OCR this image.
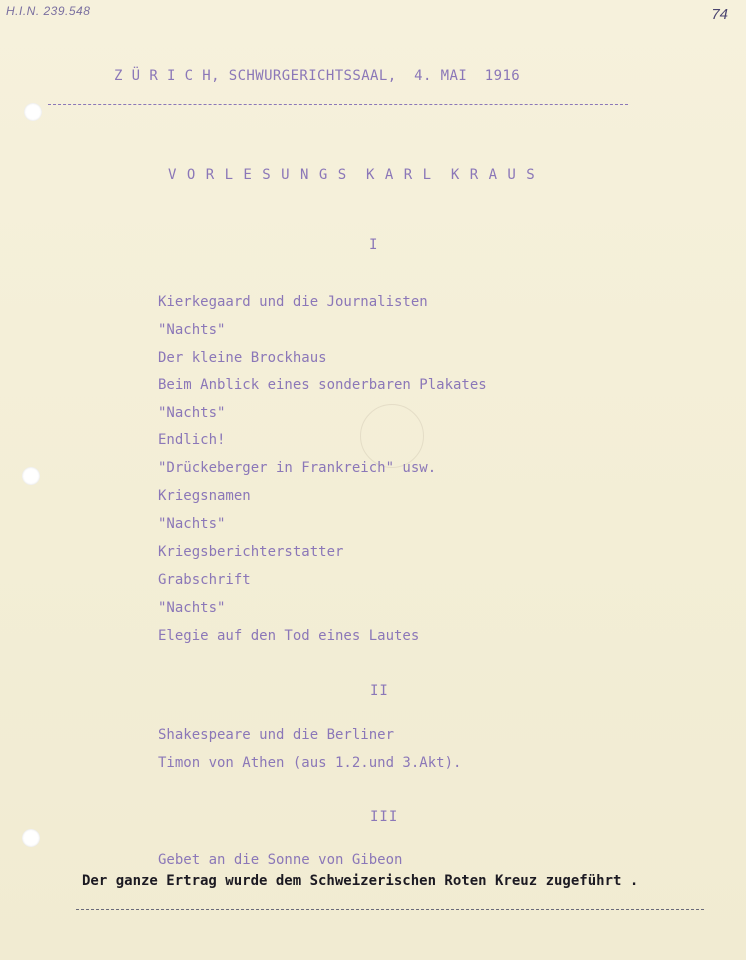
H.I.N. 239.548	74
Z Ü R I C H, SCHWURGERICHTSSAAL,  4. MAI  1916
V O R L E S U N G S  K A R L  K R A U S
I
Kierkegaard und die Journalisten
"Nachts"
Der kleine Brockhaus
Beim Anblick eines sonderbaren Plakates
"Nachts"
Endlich!
"Drückeberger in Frankreich" usw.
Kriegsnamen
"Nachts"
Kriegsberichterstatter
Grabschrift
"Nachts"
Elegie auf den Tod eines Lautes
II
Shakespeare und die Berliner
Timon von Athen (aus 1.2.und 3.Akt).
III
Gebet an die Sonne von Gibeon
Der ganze Ertrag wurde dem Schweizerischen Roten Kreuz zugeführt .
